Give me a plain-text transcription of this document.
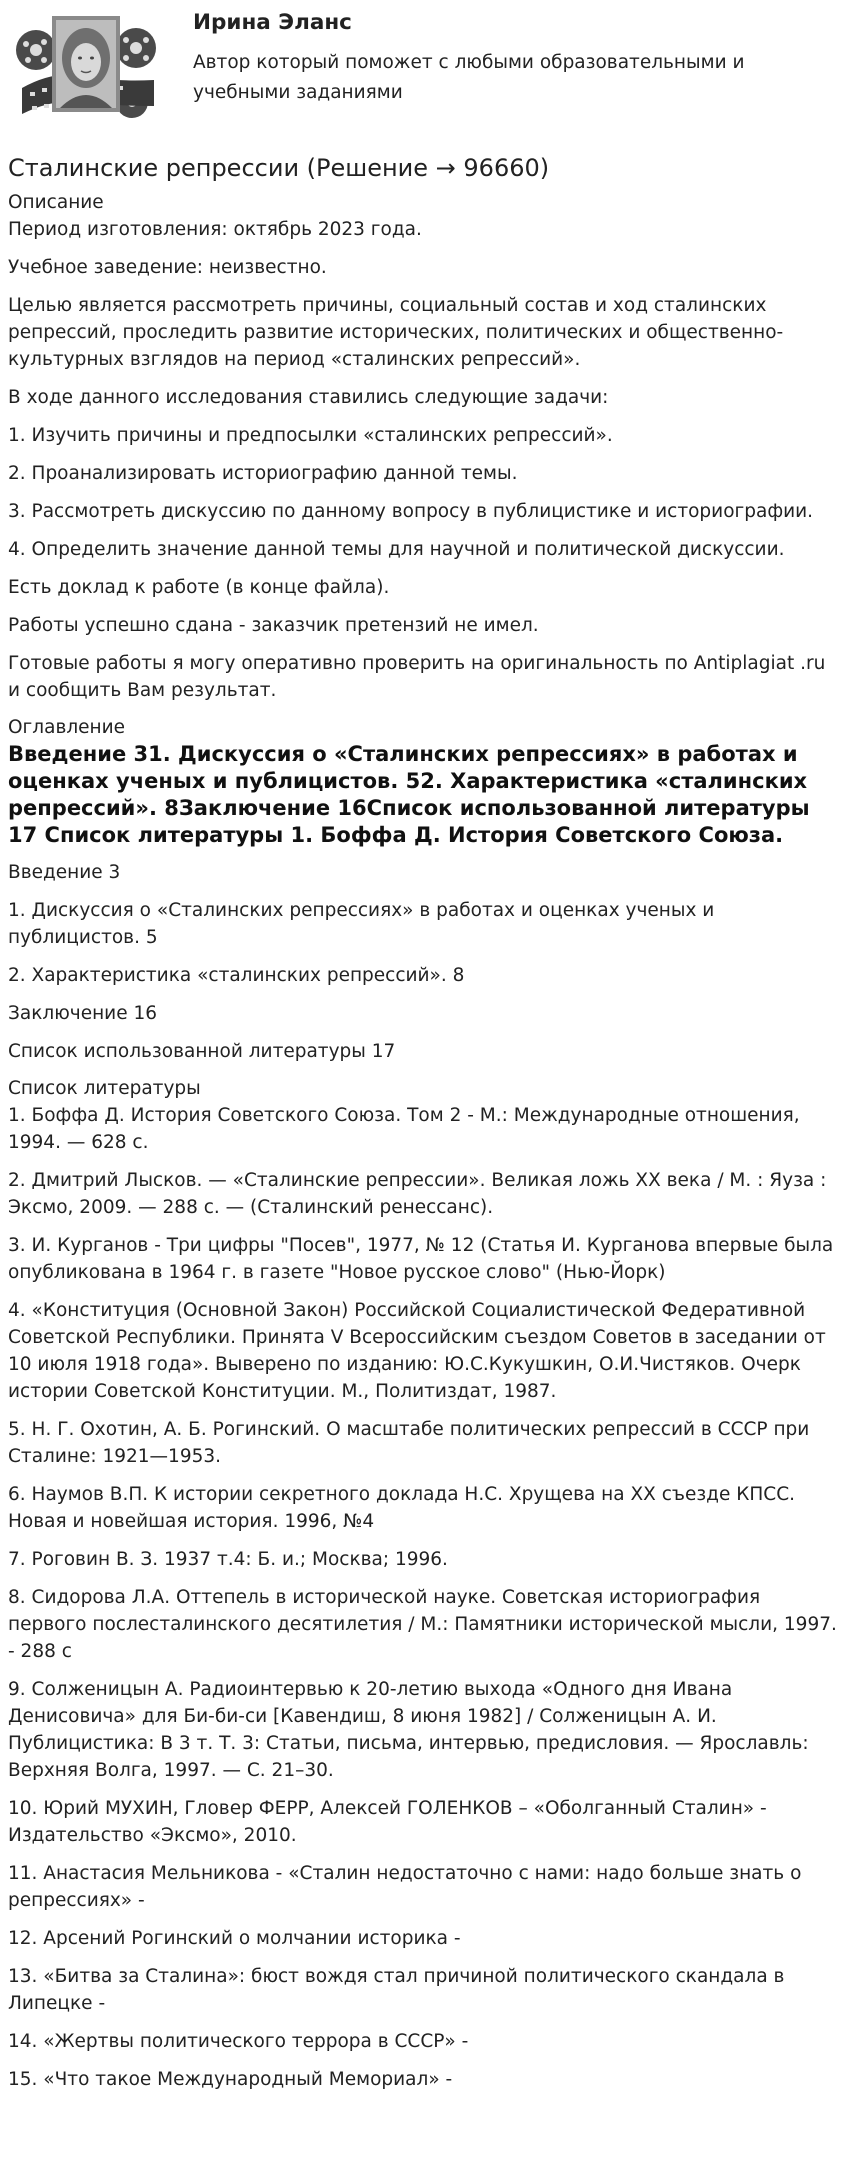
Ирина Эланс
Автор который поможет с любыми образовательными и учебными заданиями
Сталинские репрессии (Решение → 96660)
Описание

Период изготовления: октябрь 2023 года.

Учебное заведение: неизвестно.

Целью является рассмотреть причины, социальный состав и ход сталинских репрессий, проследить развитие исторических, политических и общественно-культурных взглядов на период «сталинских репрессий».

В ходе данного исследования ставились следующие задачи:

1. Изучить причины и предпосылки «сталинских репрессий».

2. Проанализировать историографию данной темы.

3. Рассмотреть дискуссию по данному вопросу в публицистике и историографии.

4. Определить значение данной темы для научной и политической дискуссии.

Есть доклад к работе (в конце файла).

Работы успешно сдана - заказчик претензий не имел.

Готовые работы я могу оперативно проверить на оригинальность по Antiplagiat .ru и сообщить Вам результат.

Оглавление
Введение 31. Дискуссия о «Сталинских репрессиях» в работах и оценках ученых и публицистов. 52. Характеристика «сталинских репрессий». 8Заключение 16Список использованной литературы 17 Список литературы 1. Боффа Д. История Советского Союза.

Введение 3

1. Дискуссия о «Сталинских репрессиях» в работах и оценках ученых и публицистов. 5

2. Характеристика «сталинских репрессий». 8

Заключение 16

Список использованной литературы 17

Список литературы

1. Боффа Д. История Советского Союза. Том 2 - М.: Международные отношения, 1994. — 628 с.

2. Дмитрий Лысков. — «Сталинские репрессии». Великая ложь XX века / М. : Яуза : Эксмо, 2009. — 288 с. — (Сталинский ренессанс).

3. И. Курганов - Три цифры "Посев", 1977, № 12 (Статья И. Курганова впервые была опубликована в 1964 г. в газете "Новое русское слово" (Нью-Йорк)

4. «Конституция (Основной Закон) Российской Социалистической Федеративной Советской Республики. Принята V Всероссийским съездом Советов в заседании от 10 июля 1918 года». Выверено по изданию: Ю.С.Кукушкин, О.И.Чистяков. Очерк истории Советской Конституции. М., Политиздат, 1987.

5. Н. Г. Охотин, А. Б. Рогинский. О масштабе политических репрессий в СССР при Сталине: 1921—1953.

6. Наумов В.П. К истории секретного доклада Н.С. Хрущева на XX съезде КПСС. Новая и новейшая история. 1996, №4

7. Роговин В. З. 1937 т.4: Б. и.; Москва; 1996.

8. Сидорова Л.А. Оттепель в исторической науке. Советская историография первого послесталинского десятилетия / М.: Памятники исторической мысли, 1997. - 288 с

9. Солженицын А. Радиоинтервью к 20-летию выхода «Одного дня Ивана Денисовича» для Би-би-си [Кавендиш, 8 июня 1982] / Солженицын А. И. Публицистика: В 3 т. Т. 3: Статьи, письма, интервью, предисловия. — Ярославль: Верхняя Волга, 1997. — С. 21–30.

10. Юрий МУХИН, Гловер ФЕРР, Алексей ГОЛЕНКОВ – «Оболганный Сталин» - Издательство «Эксмо», 2010.

11. Анастасия Мельникова - «Сталин недостаточно с нами: надо больше знать о репрессиях» -

12. Арсений Рогинский о молчании историка -

13. «Битва за Сталина»: бюст вождя стал причиной политического скандала в Липецке -

14. «Жертвы политического террора в СССР» -

15. «Что такое Международный Мемориал» -
